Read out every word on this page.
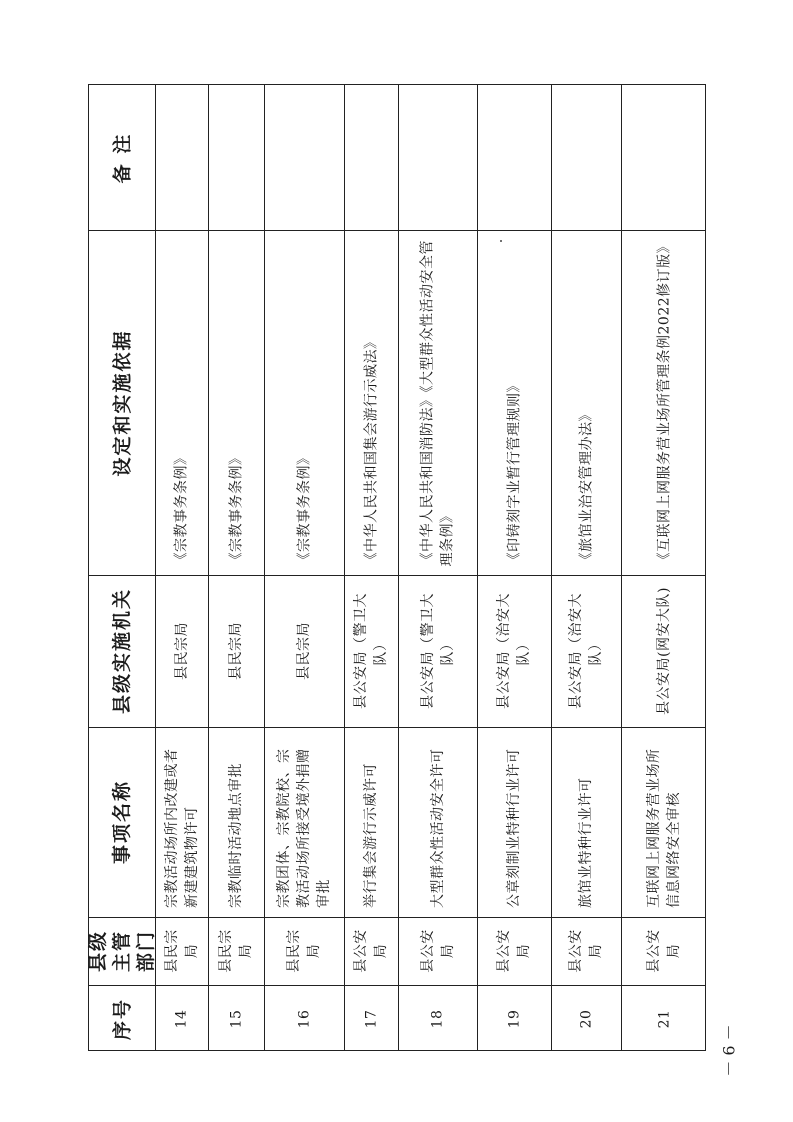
备 注
设定和实施依据
县级实施机关
事项名称
县级主管部门
序号
《宗教事务条例》
县民宗局
宗教活动场所内改建或者新建建筑物许可
县民宗局
14
《宗教事务条例》
县民宗局
宗教临时活动地点审批
县民宗局
15
《宗教事务条例》
县民宗局
宗教团体、宗教院校、宗教活动场所接受境外捐赠审批
县民宗局
16
《中华人民共和国集会游行示威法》
县公安局（警卫大队）
举行集会游行示威许可
县公安局
17
《中华人民共和国消防法》《大型群众性活动安全管理条例》
县公安局（警卫大队）
大型群众性活动安全许可
县公安局
18
《印铸刻字业暂行管理规则》
县公安局（治安大队）
公章刻制业特种行业许可
县公安局
19
《旅馆业治安管理办法》
县公安局（治安大队）
旅馆业特种行业许可
县公安局
20
《互联网上网服务营业场所管理条例2022修订版》
县公安局(网安大队)
互联网上网服务营业场所信息网络安全审核
县公安局
21
－ 6 －
